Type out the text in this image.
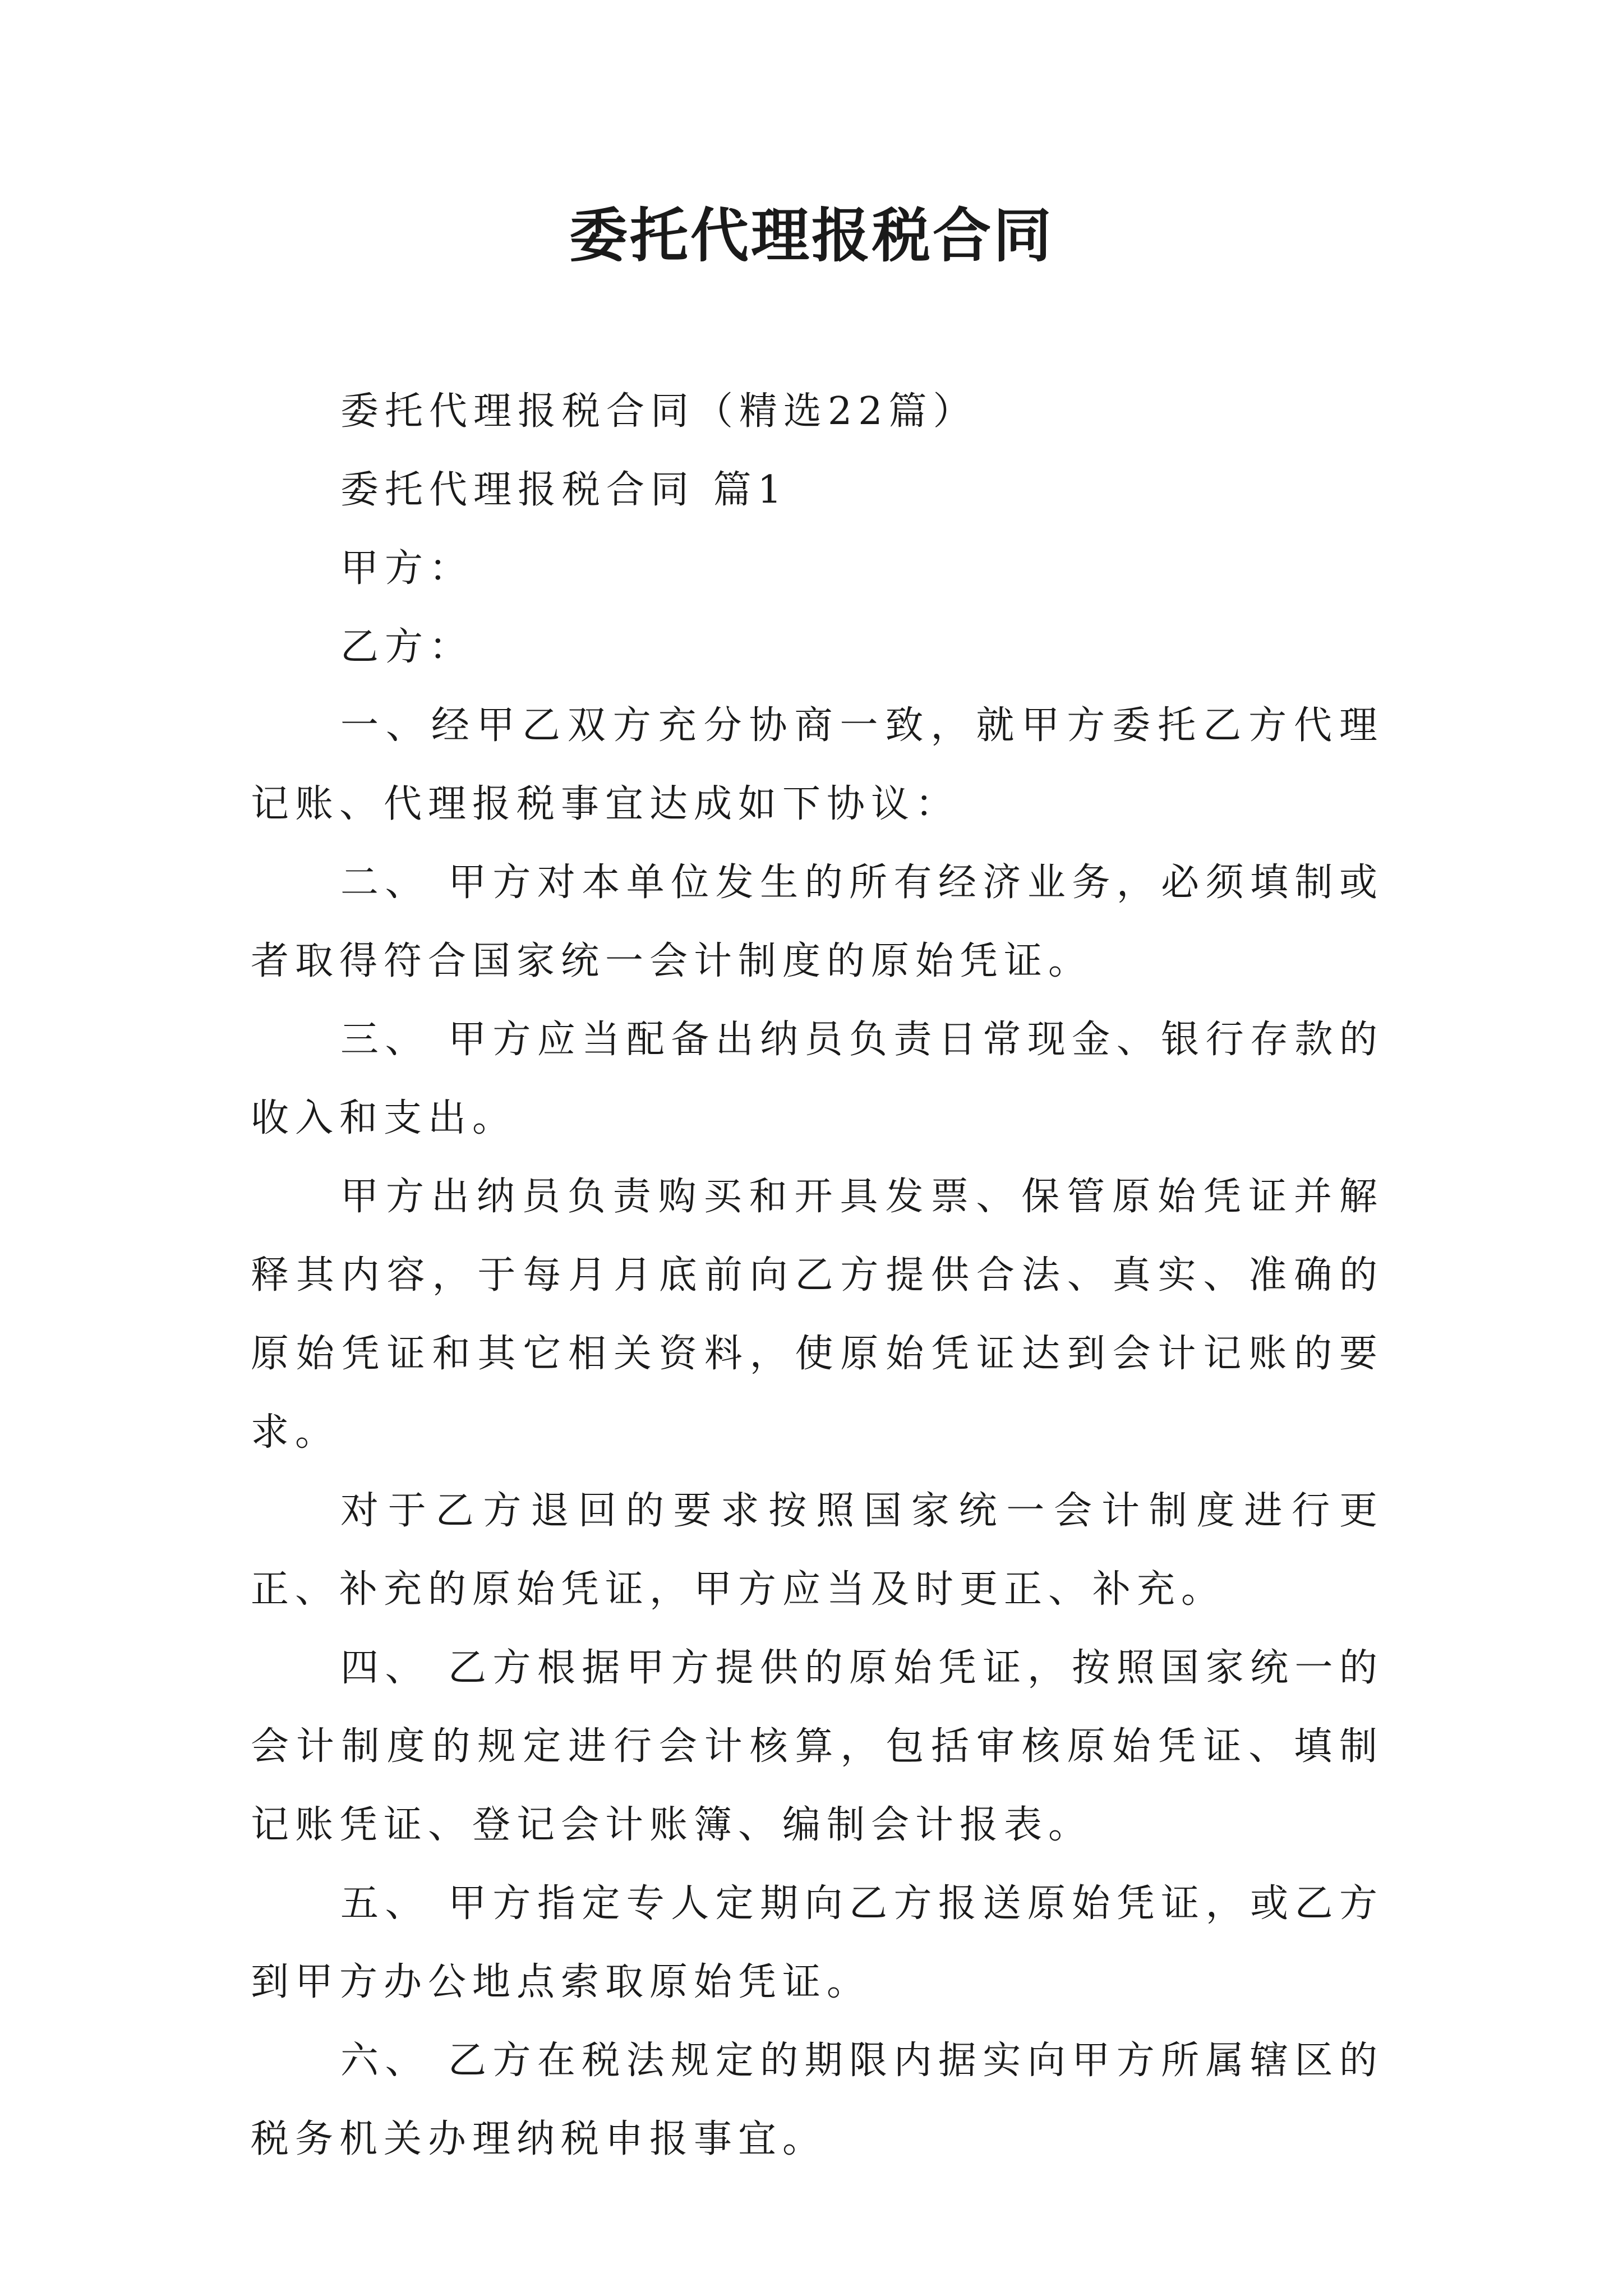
委托代理报税合同

委托代理报税合同（精选22篇）

委托代理报税合同 篇1

甲方：

乙方：

一、经甲乙双方充分协商一致，就甲方委托乙方代理记账、代理报税事宜达成如下协议：

二、 甲方对本单位发生的所有经济业务，必须填制或者取得符合国家统一会计制度的原始凭证。

三、 甲方应当配备出纳员负责日常现金、银行存款的收入和支出。

甲方出纳员负责购买和开具发票、保管原始凭证并解释其内容，于每月月底前向乙方提供合法、真实、准确的原始凭证和其它相关资料，使原始凭证达到会计记账的要求。

对于乙方退回的要求按照国家统一会计制度进行更正、补充的原始凭证，甲方应当及时更正、补充。

四、 乙方根据甲方提供的原始凭证，按照国家统一的会计制度的规定进行会计核算，包括审核原始凭证、填制记账凭证、登记会计账簿、编制会计报表。

五、 甲方指定专人定期向乙方报送原始凭证，或乙方到甲方办公地点索取原始凭证。

六、 乙方在税法规定的期限内据实向甲方所属辖区的税务机关办理纳税申报事宜。
